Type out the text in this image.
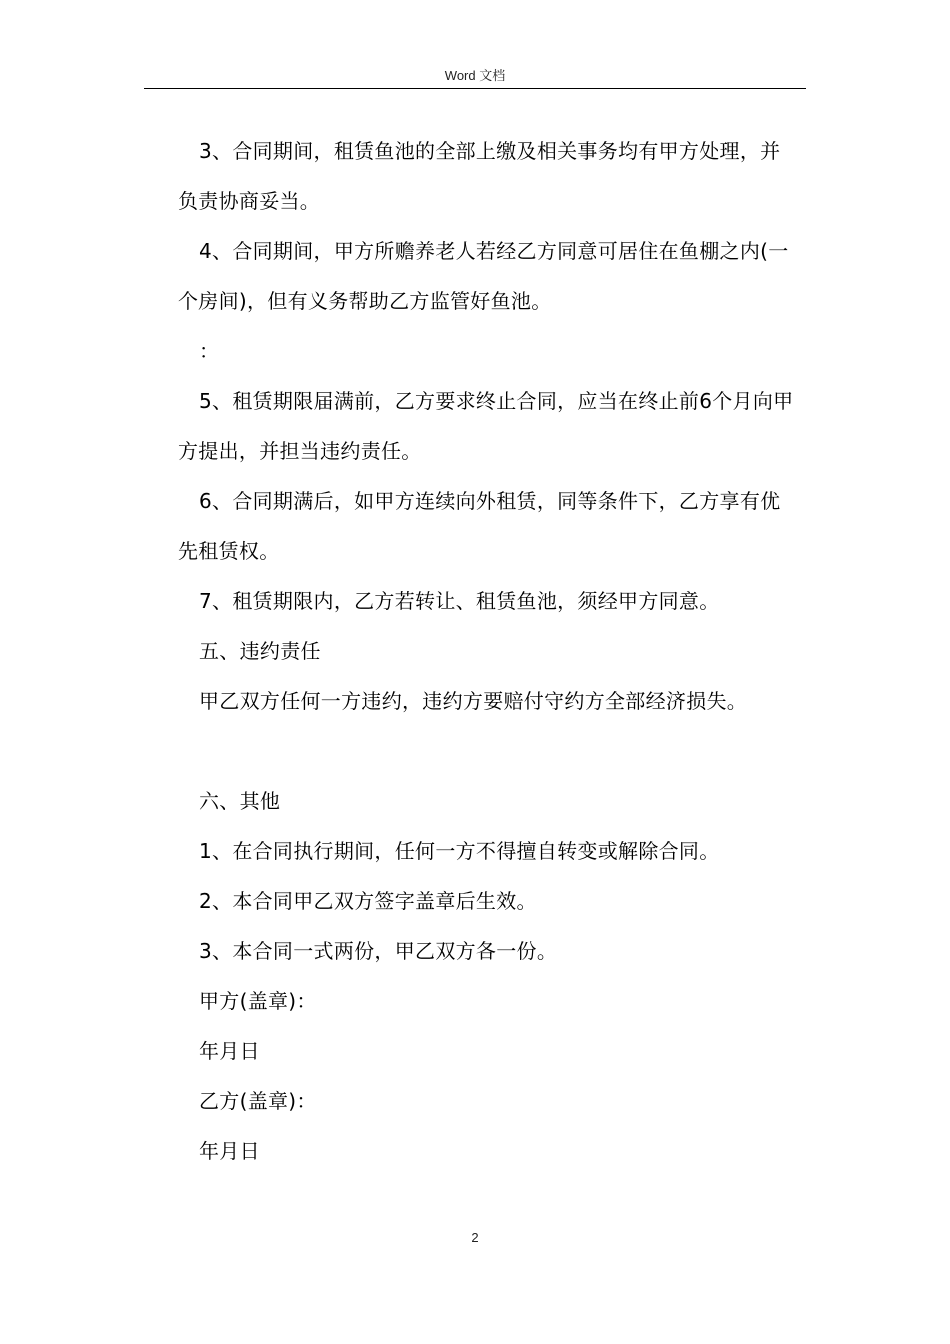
Word 文档

3、合同期间，租赁鱼池的全部上缴及相关事务均有甲方处理，并负责协商妥当。

4、合同期间，甲方所赡养老人若经乙方同意可居住在鱼棚之内(一个房间)，但有义务帮助乙方监管好鱼池。

：

5、租赁期限届满前，乙方要求终止合同，应当在终止前6个月向甲方提出，并担当违约责任。

6、合同期满后，如甲方连续向外租赁，同等条件下，乙方享有优先租赁权。

7、租赁期限内，乙方若转让、租赁鱼池，须经甲方同意。

五、违约责任

甲乙双方任何一方违约，违约方要赔付守约方全部经济损失。

六、其他

1、在合同执行期间，任何一方不得擅自转变或解除合同。

2、本合同甲乙双方签字盖章后生效。

3、本合同一式两份，甲乙双方各一份。

甲方(盖章)：

年月日

乙方(盖章)：

年月日

2
